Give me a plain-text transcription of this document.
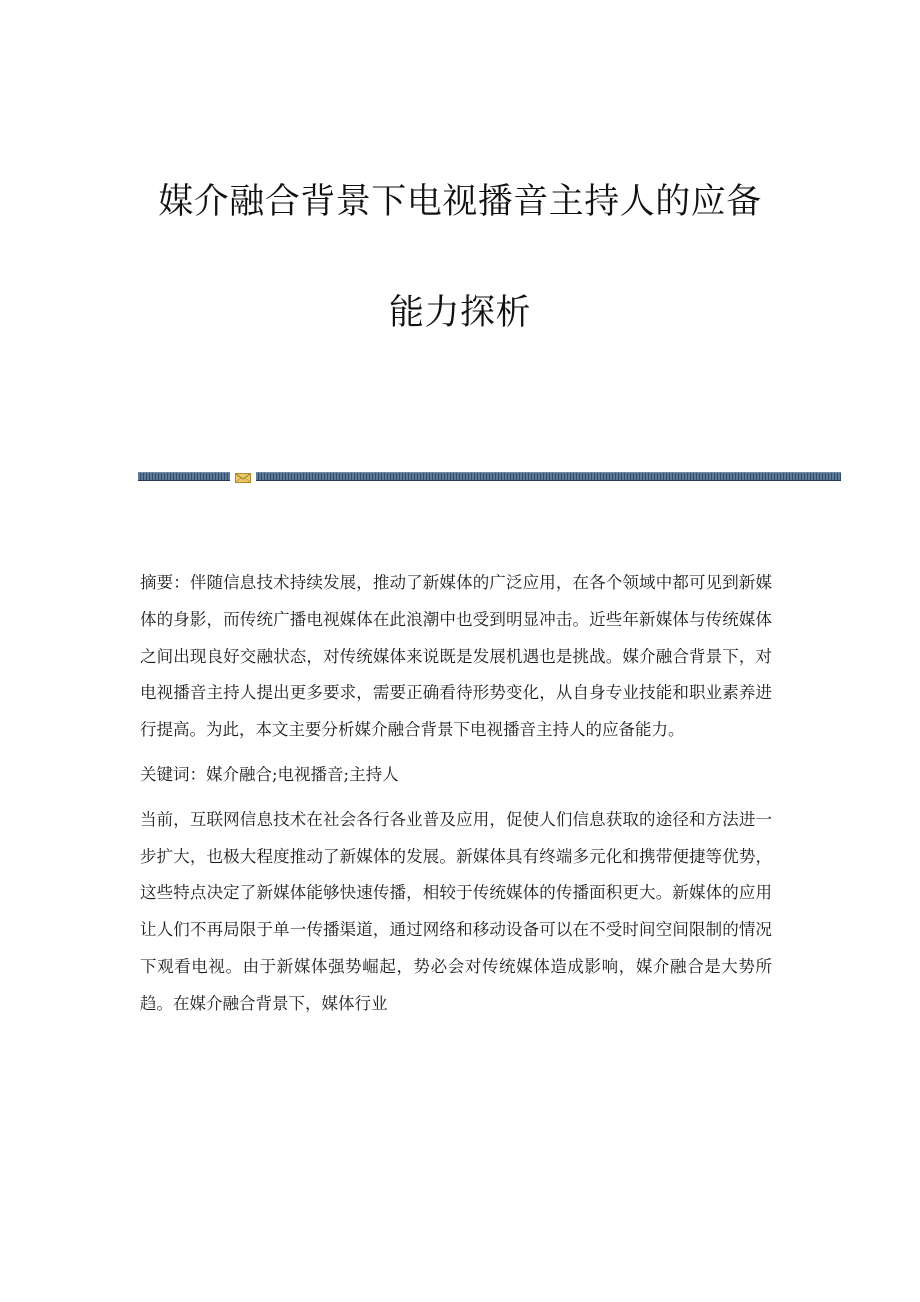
媒介融合背景下电视播音主持人的应备
能力探析

摘要：伴随信息技术持续发展，推动了新媒体的广泛应用，在各个领域中都可见到新媒体的身影，而传统广播电视媒体在此浪潮中也受到明显冲击。近些年新媒体与传统媒体之间出现良好交融状态，对传统媒体来说既是发展机遇也是挑战。媒介融合背景下，对电视播音主持人提出更多要求，需要正确看待形势变化，从自身专业技能和职业素养进行提高。为此，本文主要分析媒介融合背景下电视播音主持人的应备能力。

关键词：媒介融合;电视播音;主持人

当前，互联网信息技术在社会各行各业普及应用，促使人们信息获取的途径和方法进一步扩大，也极大程度推动了新媒体的发展。新媒体具有终端多元化和携带便捷等优势，这些特点决定了新媒体能够快速传播，相较于传统媒体的传播面积更大。新媒体的应用让人们不再局限于单一传播渠道，通过网络和移动设备可以在不受时间空间限制的情况下观看电视。由于新媒体强势崛起，势必会对传统媒体造成影响，媒介融合是大势所趋。在媒介融合背景下，媒体行业
